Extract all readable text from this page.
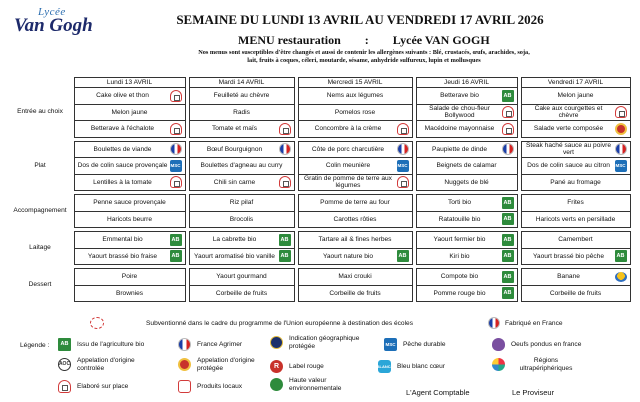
Lycée
Van Gogh	SEMAINE DU LUNDI 13 AVRIL AU VENDREDI 17 AVRIL 2026
MENU restauration : Lycée VAN GOGH
Nos menus sont susceptibles d'être changés et aussi de contenir les allergènes suivants : Blé, crustacés, œufs, arachides, soja, lait, fruits à coques, céleri, moutarde, sésame, anhydride sulfureux, lupin et mollusques
		Lundi 13 AVRIL		Mardi 14 AVRIL		Mercredi 15 AVRIL		Jeudi 16 AVRIL		Vendredi 17 AVRIL
Entrée au choix		Cake olive et thon		Feuilleté au chèvre		Nems aux légumes		Betterave bio AB		Melon jaune

		Melon jaune		Radis		Pomelos rose		Salade de chou-fleur Bollywood		Cake aux courgettes et chèvre

		Betterave à l'échalote		Tomate et maïs		Concombre à la crème		Macédoine mayonnaise		Salade verte composée

Plat		Boulettes de viande		Bœuf Bourguignon		Côte de porc charcutière		Paupiette de dinde		Steak haché sauce au poivre vert

		Dos de colin sauce provençale MSC		Boulettes d'agneau au curry		Colin meunière MSC		Beignets de calamar		Dos de colin sauce au citron MSC

		Lentilles à la tomate		Chili sin carne		Gratin de pomme de terre aux légumes		Nuggets de blé		Pané au fromage

Accompagnement		Penne sauce provençale		Riz pilaf		Pomme de terre au four		Torti bio AB		Frites

		Haricots beurre		Brocolis		Carottes rôties		Ratatouille bio AB		Haricots verts en persillade

Laitage		Emmental bio AB		La cabrette bio AB		Tartare ail & fines herbes		Yaourt fermier bio AB		Camembert

		Yaourt brassé bio fraise AB		Yaourt aromatisé bio vanille AB		Yaourt nature bio AB		Kiri bio AB		Yaourt brassé bio pêche AB

Dessert		Poire		Yaourt gourmand		Maxi crouki		Compote bio AB		Banane

		Brownies		Corbeille de fruits		Corbeille de fruits		Pomme rouge bio AB		Corbeille de fruits
Subventionné dans le cadre du programme de l'Union européenne à destination des écoles	Fabriqué en France
Légende :	AB	Issu de l'agriculture bio	France Agrimer
Indication géographique protégée	MSC Pêche durable	Oeufs pondus en france
AOC Appelation d'origine controlée
Appelation d'origine protégée	R	Label rouge	BLEU-BLANC-CŒUR
Bleu blanc cœur
Régions ultrapériphériques
Elaboré sur place	Produits locaux
Haute valeur environnementale	L'Agent Comptable	Le Proviseur
